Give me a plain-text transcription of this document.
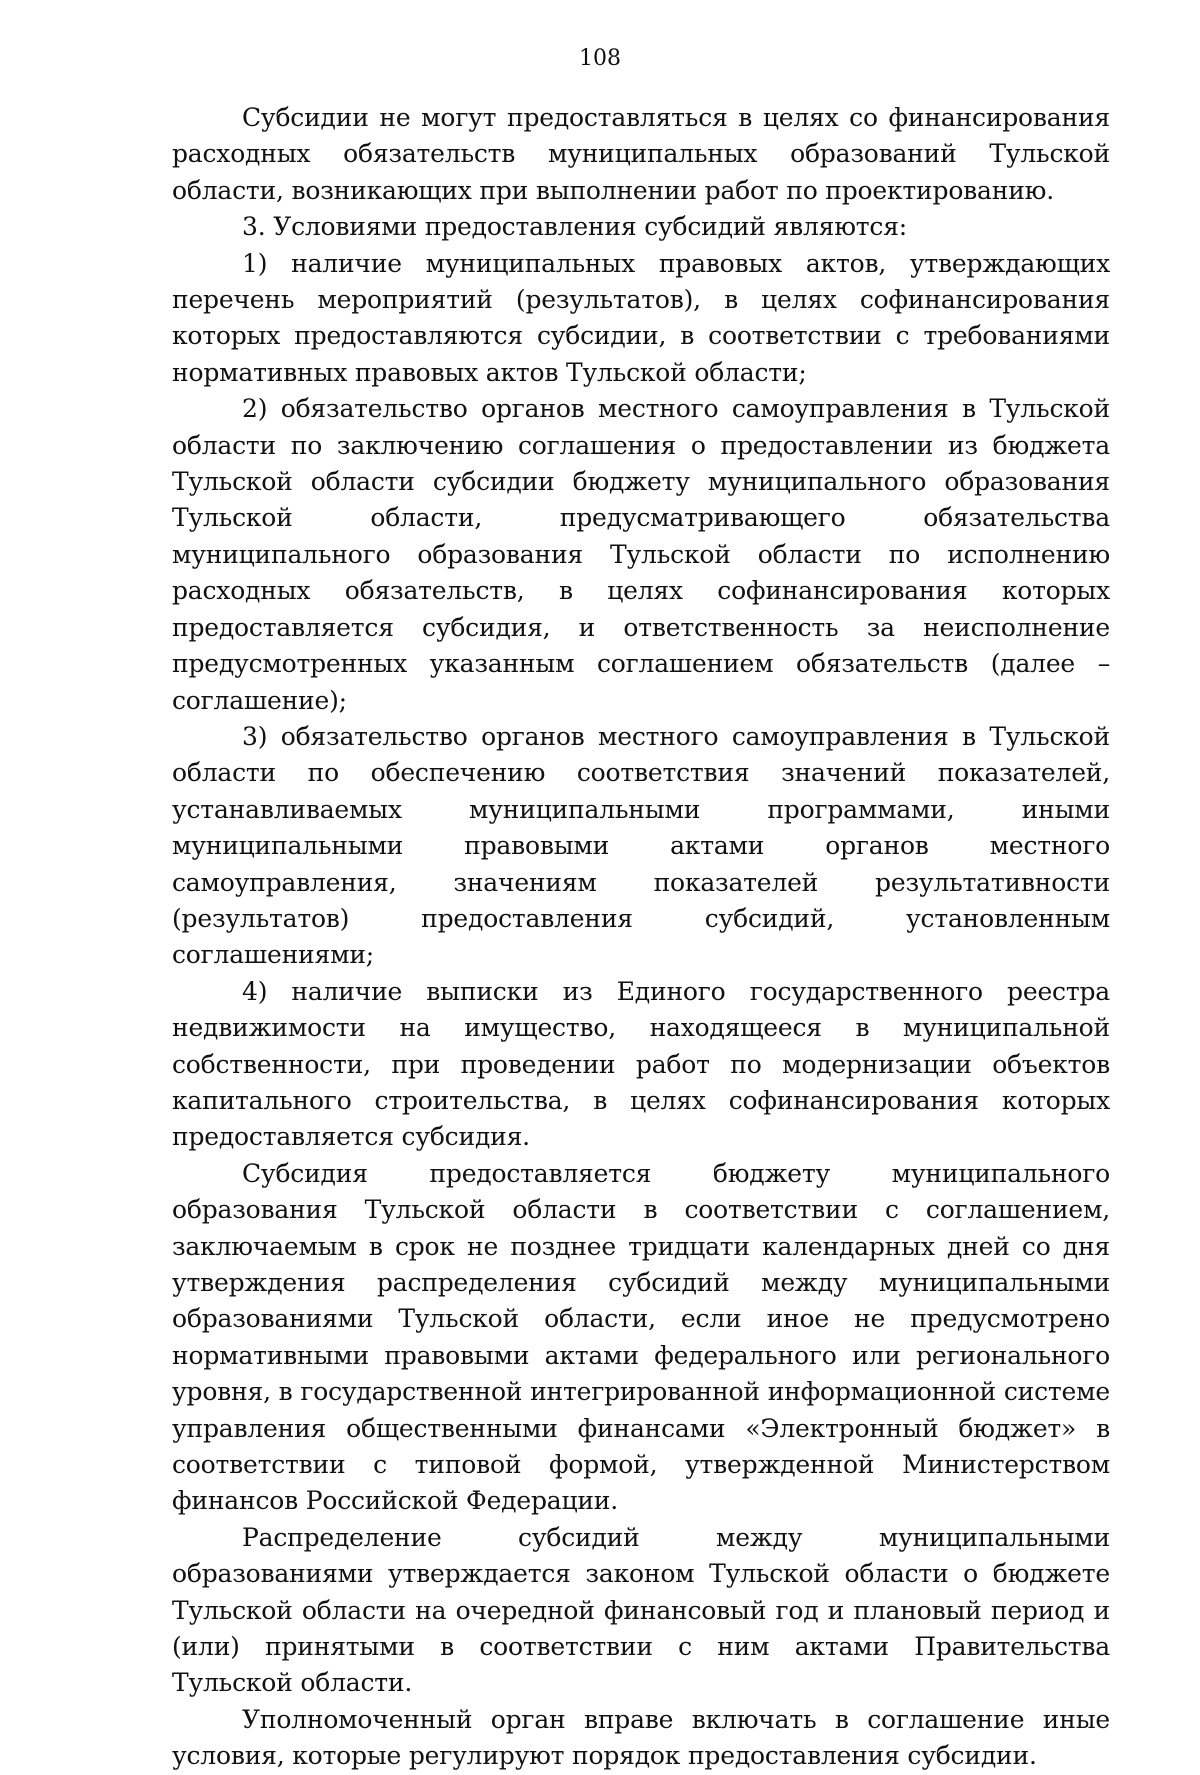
108

Субсидии не могут предоставляться в целях со финансирования расходных обязательств муниципальных образований Тульской области, возникающих при выполнении работ по проектированию.

3. Условиями предоставления субсидий являются:

1) наличие муниципальных правовых актов, утверждающих перечень мероприятий (результатов), в целях софинансирования которых предоставляются субсидии, в соответствии с требованиями нормативных правовых актов Тульской области;

2) обязательство органов местного самоуправления в Тульской области по заключению соглашения о предоставлении из бюджета Тульской области субсидии бюджету муниципального образования Тульской области, предусматривающего обязательства муниципального образования Тульской области по исполнению расходных обязательств, в целях софинансирования которых предоставляется субсидия, и ответственность за неисполнение предусмотренных указанным соглашением обязательств (далее – соглашение);

3) обязательство органов местного самоуправления в Тульской области по обеспечению соответствия значений показателей, устанавливаемых муниципальными программами, иными муниципальными правовыми актами органов местного самоуправления, значениям показателей результативности (результатов) предоставления субсидий, установленным соглашениями;

4) наличие выписки из Единого государственного реестра недвижимости на имущество, находящееся в муниципальной собственности, при проведении работ по модернизации объектов капитального строительства, в целях софинансирования которых предоставляется субсидия.

Субсидия предоставляется бюджету муниципального образования Тульской области в соответствии с соглашением, заключаемым в срок не позднее тридцати календарных дней со дня утверждения распределения субсидий между муниципальными образованиями Тульской области, если иное не предусмотрено нормативными правовыми актами федерального или регионального уровня, в государственной интегрированной информационной системе управления общественными финансами «Электронный бюджет» в соответствии с типовой формой, утвержденной Министерством финансов Российской Федерации.

Распределение субсидий между муниципальными образованиями утверждается законом Тульской области о бюджете Тульской области на очередной финансовый год и плановый период и (или) принятыми в соответствии с ним актами Правительства Тульской области.

Уполномоченный орган вправе включать в соглашение иные условия, которые регулируют порядок предоставления субсидии.
